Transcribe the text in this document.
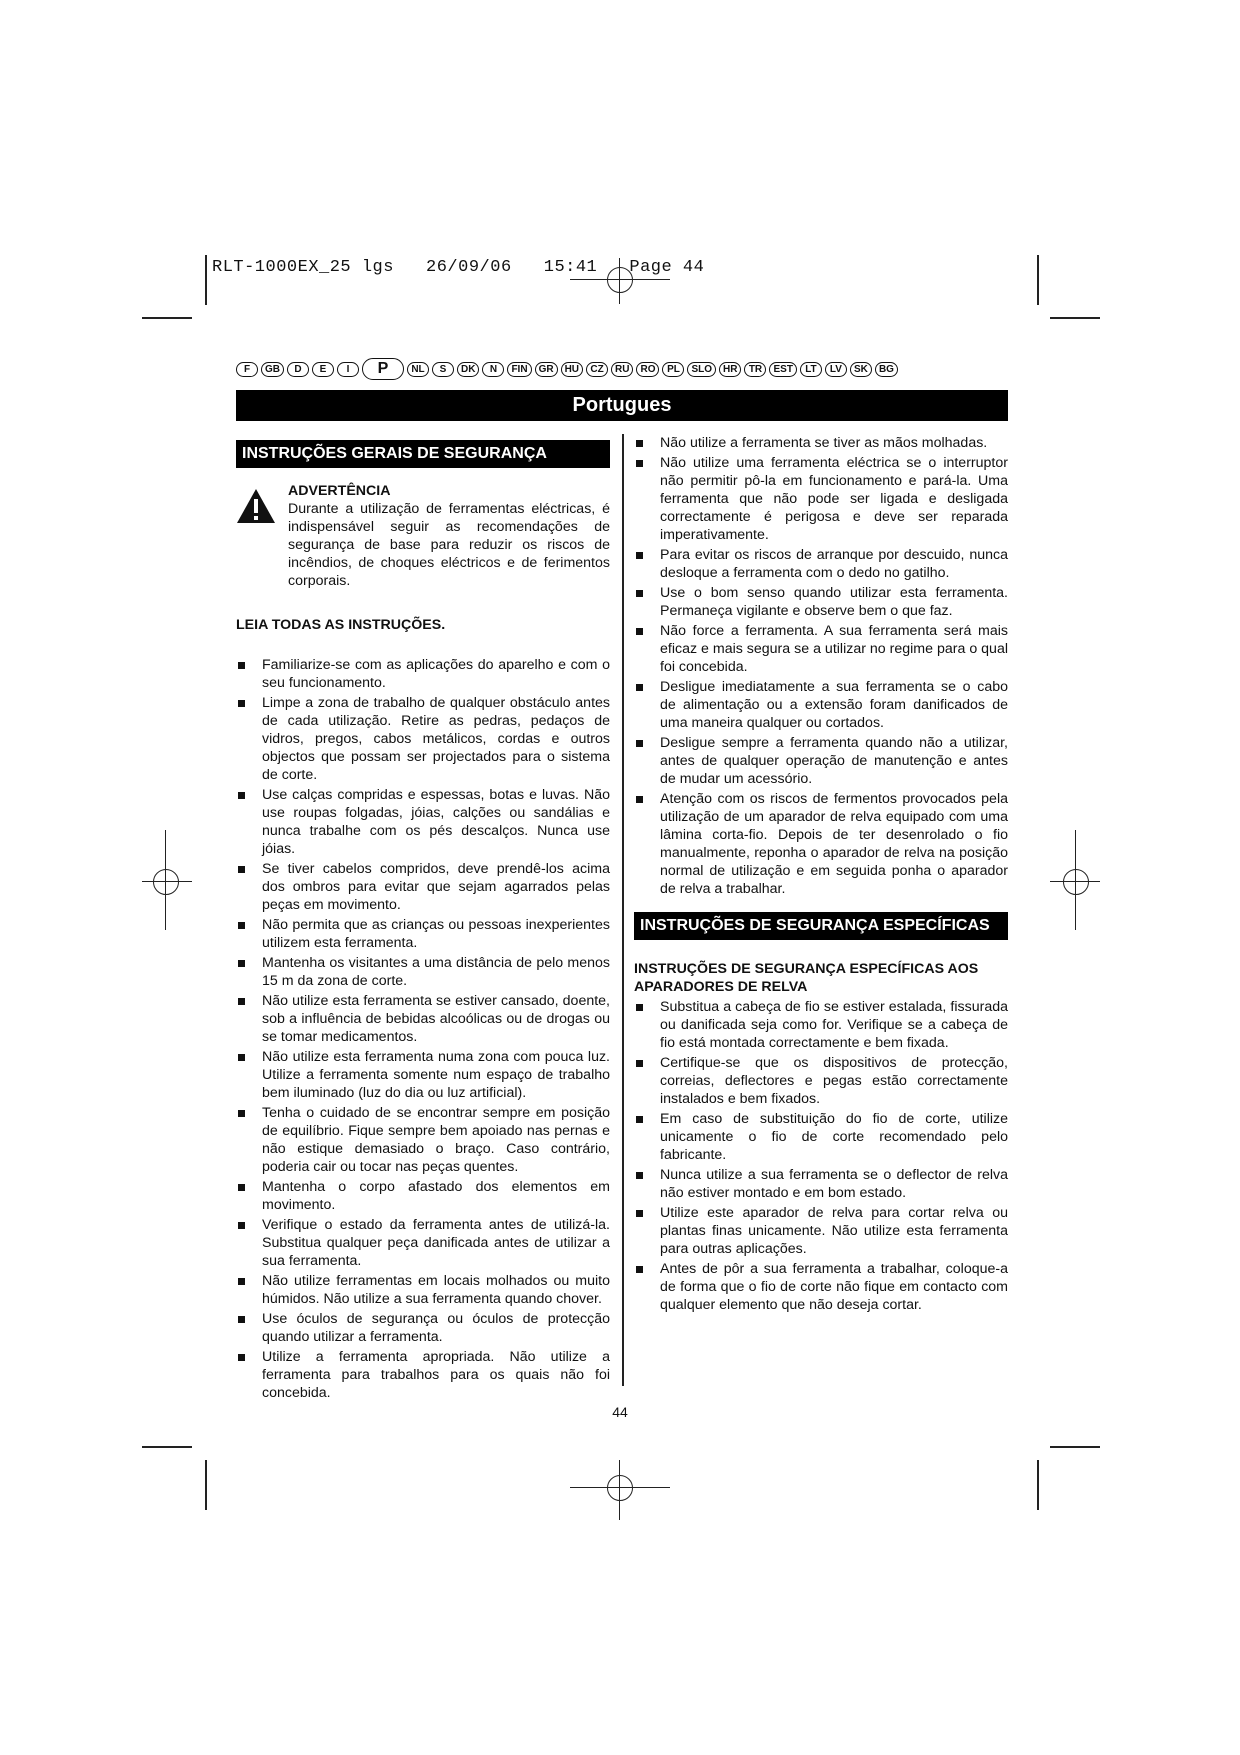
RLT-1000EX_25 lgs   26/09/06   15:41   Page 44
F	GB	D	E	I	P	NL	S	DK	N	FIN	GR	HU	CZ	RU	RO	PL	SLO	HR	TR	EST	LT	LV	SK	BG
Portugues
INSTRUÇÕES GERAIS DE SEGURANÇA
ADVERTÊNCIA
Durante a utilização de ferramentas eléctricas, é indispensável seguir as recomendações de segurança de base para reduzir os riscos de incêndios, de choques eléctricos e de ferimentos corporais.
LEIA TODAS AS INSTRUÇÕES.
Familiarize-se com as aplicações do aparelho e com o seu funcionamento.
Limpe a zona de trabalho de qualquer obstáculo antes de cada utilização. Retire as pedras, pedaços de vidros, pregos, cabos metálicos, cordas e outros objectos que possam ser projectados para o sistema de corte.
Use calças compridas e espessas, botas e luvas. Não use roupas folgadas, jóias, calções ou sandálias e nunca trabalhe com os pés descalços. Nunca use jóias.
Se tiver cabelos compridos, deve prendê-los acima dos ombros para evitar que sejam agarrados pelas peças em movimento.
Não permita que as crianças ou pessoas inexperientes utilizem esta ferramenta.
Mantenha os visitantes a uma distância de pelo menos 15 m da zona de corte.
Não utilize esta ferramenta se estiver cansado, doente, sob a influência de bebidas alcoólicas ou de drogas ou se tomar medicamentos.
Não utilize esta ferramenta numa zona com pouca luz. Utilize a ferramenta somente num espaço de trabalho bem iluminado (luz do dia ou luz artificial).
Tenha o cuidado de se encontrar sempre em posição de equilíbrio. Fique sempre bem apoiado nas pernas e não estique demasiado o braço. Caso contrário, poderia cair ou tocar nas peças quentes.
Mantenha o corpo afastado dos elementos em movimento.
Verifique o estado da ferramenta antes de utilizá-la. Substitua qualquer peça danificada antes de utilizar a sua ferramenta.
Não utilize ferramentas em locais molhados ou muito húmidos. Não utilize a sua ferramenta quando chover.
Use óculos de segurança ou óculos de protecção quando utilizar a ferramenta.
Utilize a ferramenta apropriada. Não utilize a ferramenta para trabalhos para os quais não foi concebida.
Não utilize a ferramenta se tiver as mãos molhadas.
Não utilize uma ferramenta eléctrica se o interruptor não permitir pô-la em funcionamento e pará-la. Uma ferramenta que não pode ser ligada e desligada correctamente é perigosa e deve ser reparada imperativamente.
Para evitar os riscos de arranque por descuido, nunca desloque a ferramenta com o dedo no gatilho.
Use o bom senso quando utilizar esta ferramenta. Permaneça vigilante e observe bem o que faz.
Não force a ferramenta. A sua ferramenta será mais eficaz e mais segura se a utilizar no regime para o qual foi concebida.
Desligue imediatamente a sua ferramenta se o cabo de alimentação ou a extensão foram danificados de uma maneira qualquer ou cortados.
Desligue sempre a ferramenta quando não a utilizar, antes de qualquer operação de manutenção e antes de mudar um acessório.
Atenção com os riscos de fermentos provocados pela utilização de um aparador de relva equipado com uma lâmina corta-fio. Depois de ter desenrolado o fio manualmente, reponha o aparador de relva na posição normal de utilização e em seguida ponha o aparador de relva a trabalhar.
INSTRUÇÕES DE SEGURANÇA ESPECÍFICAS
INSTRUÇÕES DE SEGURANÇA ESPECÍFICAS AOS APARADORES DE RELVA
Substitua a cabeça de fio se estiver estalada, fissurada ou danificada seja como for. Verifique se a cabeça de fio está montada correctamente e bem fixada.
Certifique-se que os dispositivos de protecção, correias, deflectores e pegas estão correctamente instalados e bem fixados.
Em caso de substituição do fio de corte, utilize unicamente o fio de corte recomendado pelo fabricante.
Nunca utilize a sua ferramenta se o deflector de relva não estiver montado e em bom estado.
Utilize este aparador de relva para cortar relva ou plantas finas unicamente. Não utilize esta ferramenta para outras aplicações.
Antes de pôr a sua ferramenta a trabalhar, coloque-a de forma que o fio de corte não fique em contacto com qualquer elemento que não deseja cortar.
44
